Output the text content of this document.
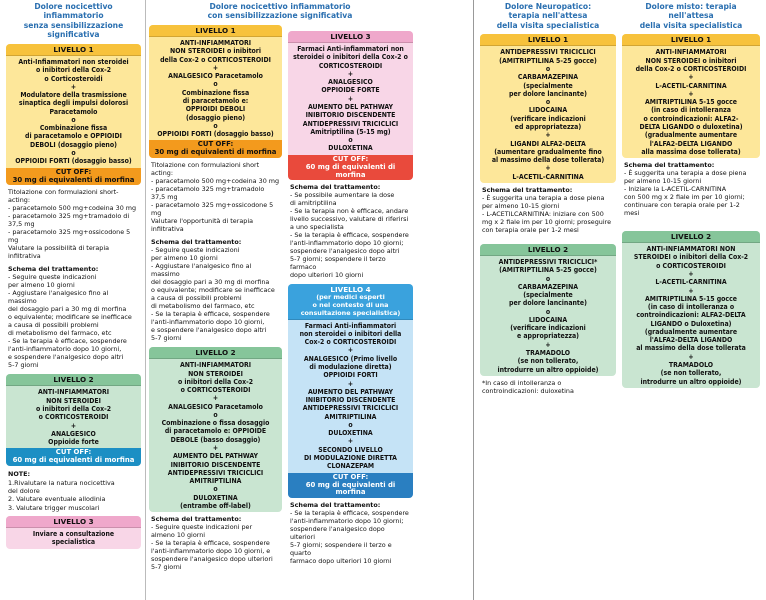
Dolore nocicettivo infiammatorio
senza sensibilizzazione
significativa
LIVELLO 1
Anti-Infiammatori non steroidei
o inibitori della Cox-2
o Corticosteroidi
+
Modulatore della trasmissione
sinaptica degli impulsi dolorosi
Paracetamolo
o
Combinazione fissa
di paracetamolo e OPPIOIDI
DEBOLI (dosaggio pieno)
o
OPPIOIDI FORTI (dosaggio basso)
CUT OFF:
30 mg di equivalenti di morfina
Titolazione con formulazioni short-
acting:
- paracetamolo 500 mg+codeina 30 mg
- paracetamolo 325 mg+tramadolo di
37,5 mg
- paracetamolo 325 mg+ossicodone 5 mg
Valutare la possibilità di terapia
infiltrativa
Schema del trattamento:
- Seguire queste indicazioni
per almeno 10 giorni
- Aggiustare l'analgesico fino al massimo
del dosaggio pari a 30 mg di morfina
o equivalente; modificare se inefficace
a causa di possibili problemi
di metabolismo del farmaco, etc
- Se la terapia è efficace, sospendere
l'anti-infiammatorio dopo 10 giorni,
e sospendere l'analgesico dopo altri
5-7 giorni
LIVELLO 2
ANTI-INFIAMMATORI
NON STEROIDEI
o inibitori della Cox-2
o CORTICOSTEROIDI
+
ANALGESICO
Oppioide forte
CUT OFF:
60 mg di equivalenti di morfina
NOTE:
1.Rivalutare la natura nocicettiva
del dolore
2. Valutare eventuale allodinia
3. Valutare trigger muscolari
LIVELLO 3
Inviare a consultazione
specialistica
Dolore nocicettivo infiammatorio
con sensibilizzazione significativa
LIVELLO 1
ANTI-INFIAMMATORI
NON STEROIDEI o inibitori
della Cox-2 o CORTICOSTEROIDI
+
ANALGESICO Paracetamolo
o
Combinazione fissa
di paracetamolo e:
OPPIOIDI DEBOLI
(dosaggio pieno)
o
OPPIOIDI FORTI (dosaggio basso)
CUT OFF:
30 mg di equivalenti di morfina
Titolazione con formulazioni short acting:
- paracetamolo 500 mg+codeina 30 mg
- paracetamolo 325 mg+tramadolo 37,5 mg
- paracetamolo 325 mg+ossicodone 5 mg
Valutare l'opportunità di terapia
infiltrativa
Schema del trattamento:
- Seguire queste indicazioni
per almeno 10 giorni
- Aggiustare l'analgesico fino al massimo
del dosaggio pari a 30 mg di morfina
o equivalente; modificare se inefficace
a causa di possibili problemi
di metabolismo del farmaco, etc
- Se la terapia è efficace, sospendere
l'anti-infiammatorio dopo 10 giorni,
e sospendere l'analgesico dopo altri
5-7 giorni
LIVELLO 2
ANTI-INFIAMMATORI
NON STEROIDEI
o inibitori della Cox-2
o CORTICOSTEROIDI
+
ANALGESICO Paracetamolo
o
Combinazione o fissa dosaggio
di paracetamolo e: OPPIOIDE
DEBOLE (basso dosaggio)
+
AUMENTO DEL PATHWAY
INIBITORIO DISCENDENTE
ANTIDEPRESSIVI TRICICLICI
AMITRIPTILINA
o
DULOXETINA
(entrambe off-label)
Schema del trattamento:
- Seguire queste indicazioni per
almeno 10 giorni
- Se la terapia è efficace, sospendere
l'anti-infiammatorio dopo 10 giorni, e
sospendere l'analgesico dopo ulteriori
5-7 giorni
LIVELLO 3
Farmaci Anti-infiammatori non
steroidei o inibitori della Cox-2 o
CORTICOSTEROIDI
+
ANALGESICO
OPPIOIDE FORTE
+
AUMENTO DEL PATHWAY
INIBITORIO DISCENDENTE
ANTIDEPRESSIVI TRICICLICI
Amitriptilina (5-15 mg)
o
DULOXETINA
CUT OFF:
60 mg di equivalenti di morfina
Schema del trattamento:
- Se possibile aumentare la dose
di amitriptilina
- Se la terapia non è efficace, andare
livello successivo, valutare di riferirsi
a uno specialista
- Se la terapia è efficace, sospendere
l'anti-infiammatorio dopo 10 giorni;
sospendere l'analgesico dopo altri
5-7 giorni; sospendere il terzo farmaco
dopo ulteriori 10 giorni
LIVELLO 4
(per medici esperti
o nel contesto di una
consultazione specialistica)
Farmaci Anti-infiammatori
non steroidei o inibitori della
Cox-2 o CORTICOSTEROIDI
+
ANALGESICO (Primo livello
di modulazione diretta)
OPPIOIDI FORTI
+
AUMENTO DEL PATHWAY
INIBITORIO DISCENDENTE
ANTIDEPRESSIVI TRICICLICI
AMITRIPTILINA
o
DULOXETINA
+
SECONDO LIVELLO
DI MODULAZIONE DIRETTA
CLONAZEPAM
CUT OFF:
60 mg di equivalenti di morfina
Schema del trattamento:
- Se la terapia è efficace, sospendere
l'anti-infiammatorio dopo 10 giorni;
sospendere l'analgesico dopo ulteriori
5-7 giorni; sospendere il terzo e quarto
farmaco dopo ulteriori 10 giorni
Dolore Neuropatico:
terapia nell'attesa
della visita specialistica
LIVELLO 1
ANTIDEPRESSIVI TRICICLICI
(AMITRIPTILINA 5-25 gocce)
o
CARBAMAZEPINA
(specialmente
per dolore lancinante)
o
LIDOCAINA
(verificare indicazioni
ed appropriatezza)
+
LIGANDI ALFA2-DELTA
(aumentare gradualmente fino
al massimo della dose tollerata)
+
L-ACETIL-CARNITINA
Schema del trattamento:
- È suggerita una terapia a dose piena
per almeno 10-15 giorni
- L-ACETILCARNITINA: iniziare con 500
mg x 2 fiale im per 10 giorni; proseguire
con terapia orale per 1-2 mesi
LIVELLO 2
ANTIDEPRESSIVI TRICICLICI*
(AMITRIPTILINA 5-25 gocce)
o
CARBAMAZEPINA
(specialmente
per dolore lancinante)
o
LIDOCAINA
(verificare indicazioni
e appropriatezza)
+
TRAMADOLO
(se non tollerato,
introdurre un altro oppioide)
*In caso di intolleranza o
controindicazioni: duloxetina
Dolore misto: terapia nell'attesa
della visita specialistica
LIVELLO 1
ANTI-INFIAMMATORI
NON STEROIDEI o inibitori
della Cox-2 o CORTICOSTEROIDI
+
L-ACETIL-CARNITINA
+
AMITRIPTILINA 5-15 gocce
(in caso di intolleranza
o controindicazioni: ALFA2-
DELTA LIGANDO o duloxetina)
(gradualmente aumentare
l'ALFA2-DELTA LIGANDO
alla massima dose tollerata)
Schema del trattamento:
- È suggerita una terapia a dose piena
per almeno 10-15 giorni
- Iniziare la L-ACETIL-CARNITINA
con 500 mg x 2 fiale im per 10 giorni;
continuare con terapia orale per 1-2
mesi
LIVELLO 2
ANTI-INFIAMMATORI NON
STEROIDEI o inibitori della Cox-2
o CORTICOSTEROIDI
+
L-ACETIL-CARNITINA
+
AMITRIPTILINA 5-15 gocce
(in caso di intolleranza o
controindicazioni: ALFA2-DELTA
LIGANDO o Duloxetina)
(gradualmente aumentare
l'ALFA2-DELTA LIGANDO
al massimo della dose tollerata
+
TRAMADOLO
(se non tollerato,
introdurre un altro oppioide)
